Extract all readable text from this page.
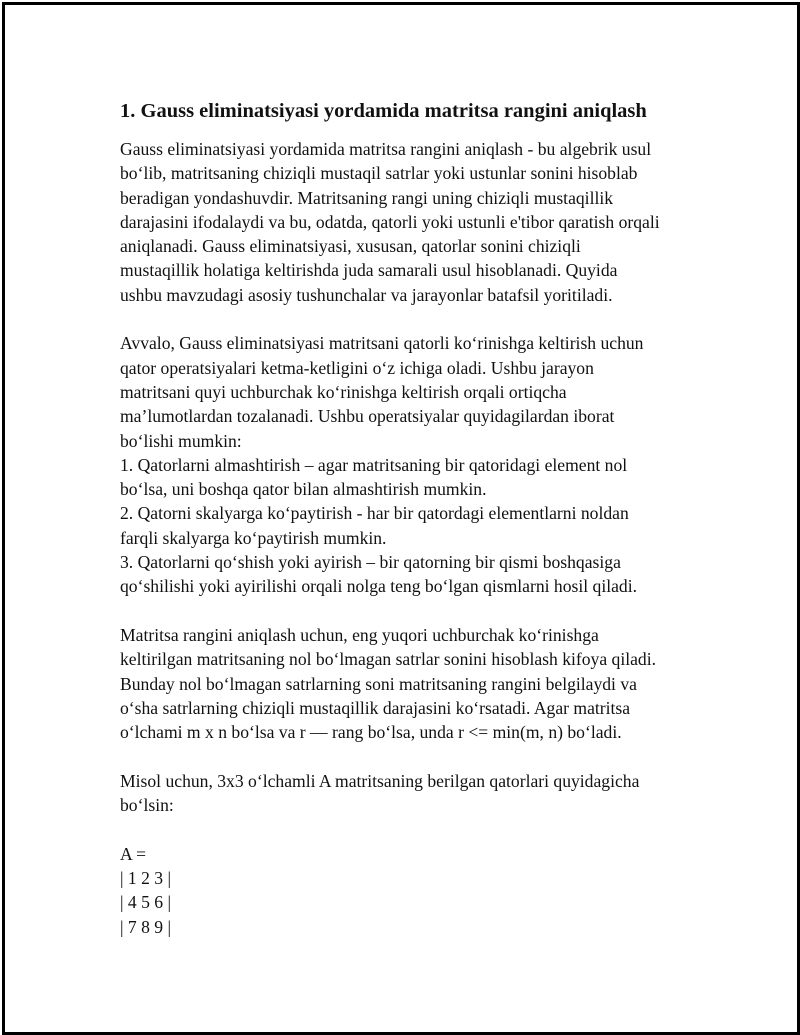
1. Gauss eliminatsiyasi yordamida matritsa rangini aniqlash
Gauss eliminatsiyasi yordamida matritsa rangini aniqlash - bu algebrik usul
bo‘lib, matritsaning chiziqli mustaqil satrlar yoki ustunlar sonini hisoblab
beradigan yondashuvdir. Matritsaning rangi uning chiziqli mustaqillik
darajasini ifodalaydi va bu, odatda, qatorli yoki ustunli e'tibor qaratish orqali
aniqlanadi. Gauss eliminatsiyasi, xususan, qatorlar sonini chiziqli
mustaqillik holatiga keltirishda juda samarali usul hisoblanadi. Quyida
ushbu mavzudagi asosiy tushunchalar va jarayonlar batafsil yoritiladi.
Avvalo, Gauss eliminatsiyasi matritsani qatorli ko‘rinishga keltirish uchun
qator operatsiyalari ketma-ketligini o‘z ichiga oladi. Ushbu jarayon
matritsani quyi uchburchak ko‘rinishga keltirish orqali ortiqcha
ma’lumotlardan tozalanadi. Ushbu operatsiyalar quyidagilardan iborat
bo‘lishi mumkin:
1. Qatorlarni almashtirish – agar matritsaning bir qatoridagi element nol
bo‘lsa, uni boshqa qator bilan almashtirish mumkin.
2. Qatorni skalyarga ko‘paytirish - har bir qatordagi elementlarni noldan
farqli skalyarga ko‘paytirish mumkin.
3. Qatorlarni qo‘shish yoki ayirish – bir qatorning bir qismi boshqasiga
qo‘shilishi yoki ayirilishi orqali nolga teng bo‘lgan qismlarni hosil qiladi.
Matritsa rangini aniqlash uchun, eng yuqori uchburchak ko‘rinishga
keltirilgan matritsaning nol bo‘lmagan satrlar sonini hisoblash kifoya qiladi.
Bunday nol bo‘lmagan satrlarning soni matritsaning rangini belgilaydi va
o‘sha satrlarning chiziqli mustaqillik darajasini ko‘rsatadi. Agar matritsa
o‘lchami m x n bo‘lsa va r — rang bo‘lsa, unda r <= min(m, n) bo‘ladi.
Misol uchun, 3x3 o‘lchamli A matritsaning berilgan qatorlari quyidagicha
bo‘lsin:
A =
| 1 2 3 |
| 4 5 6 |
| 7 8 9 |
